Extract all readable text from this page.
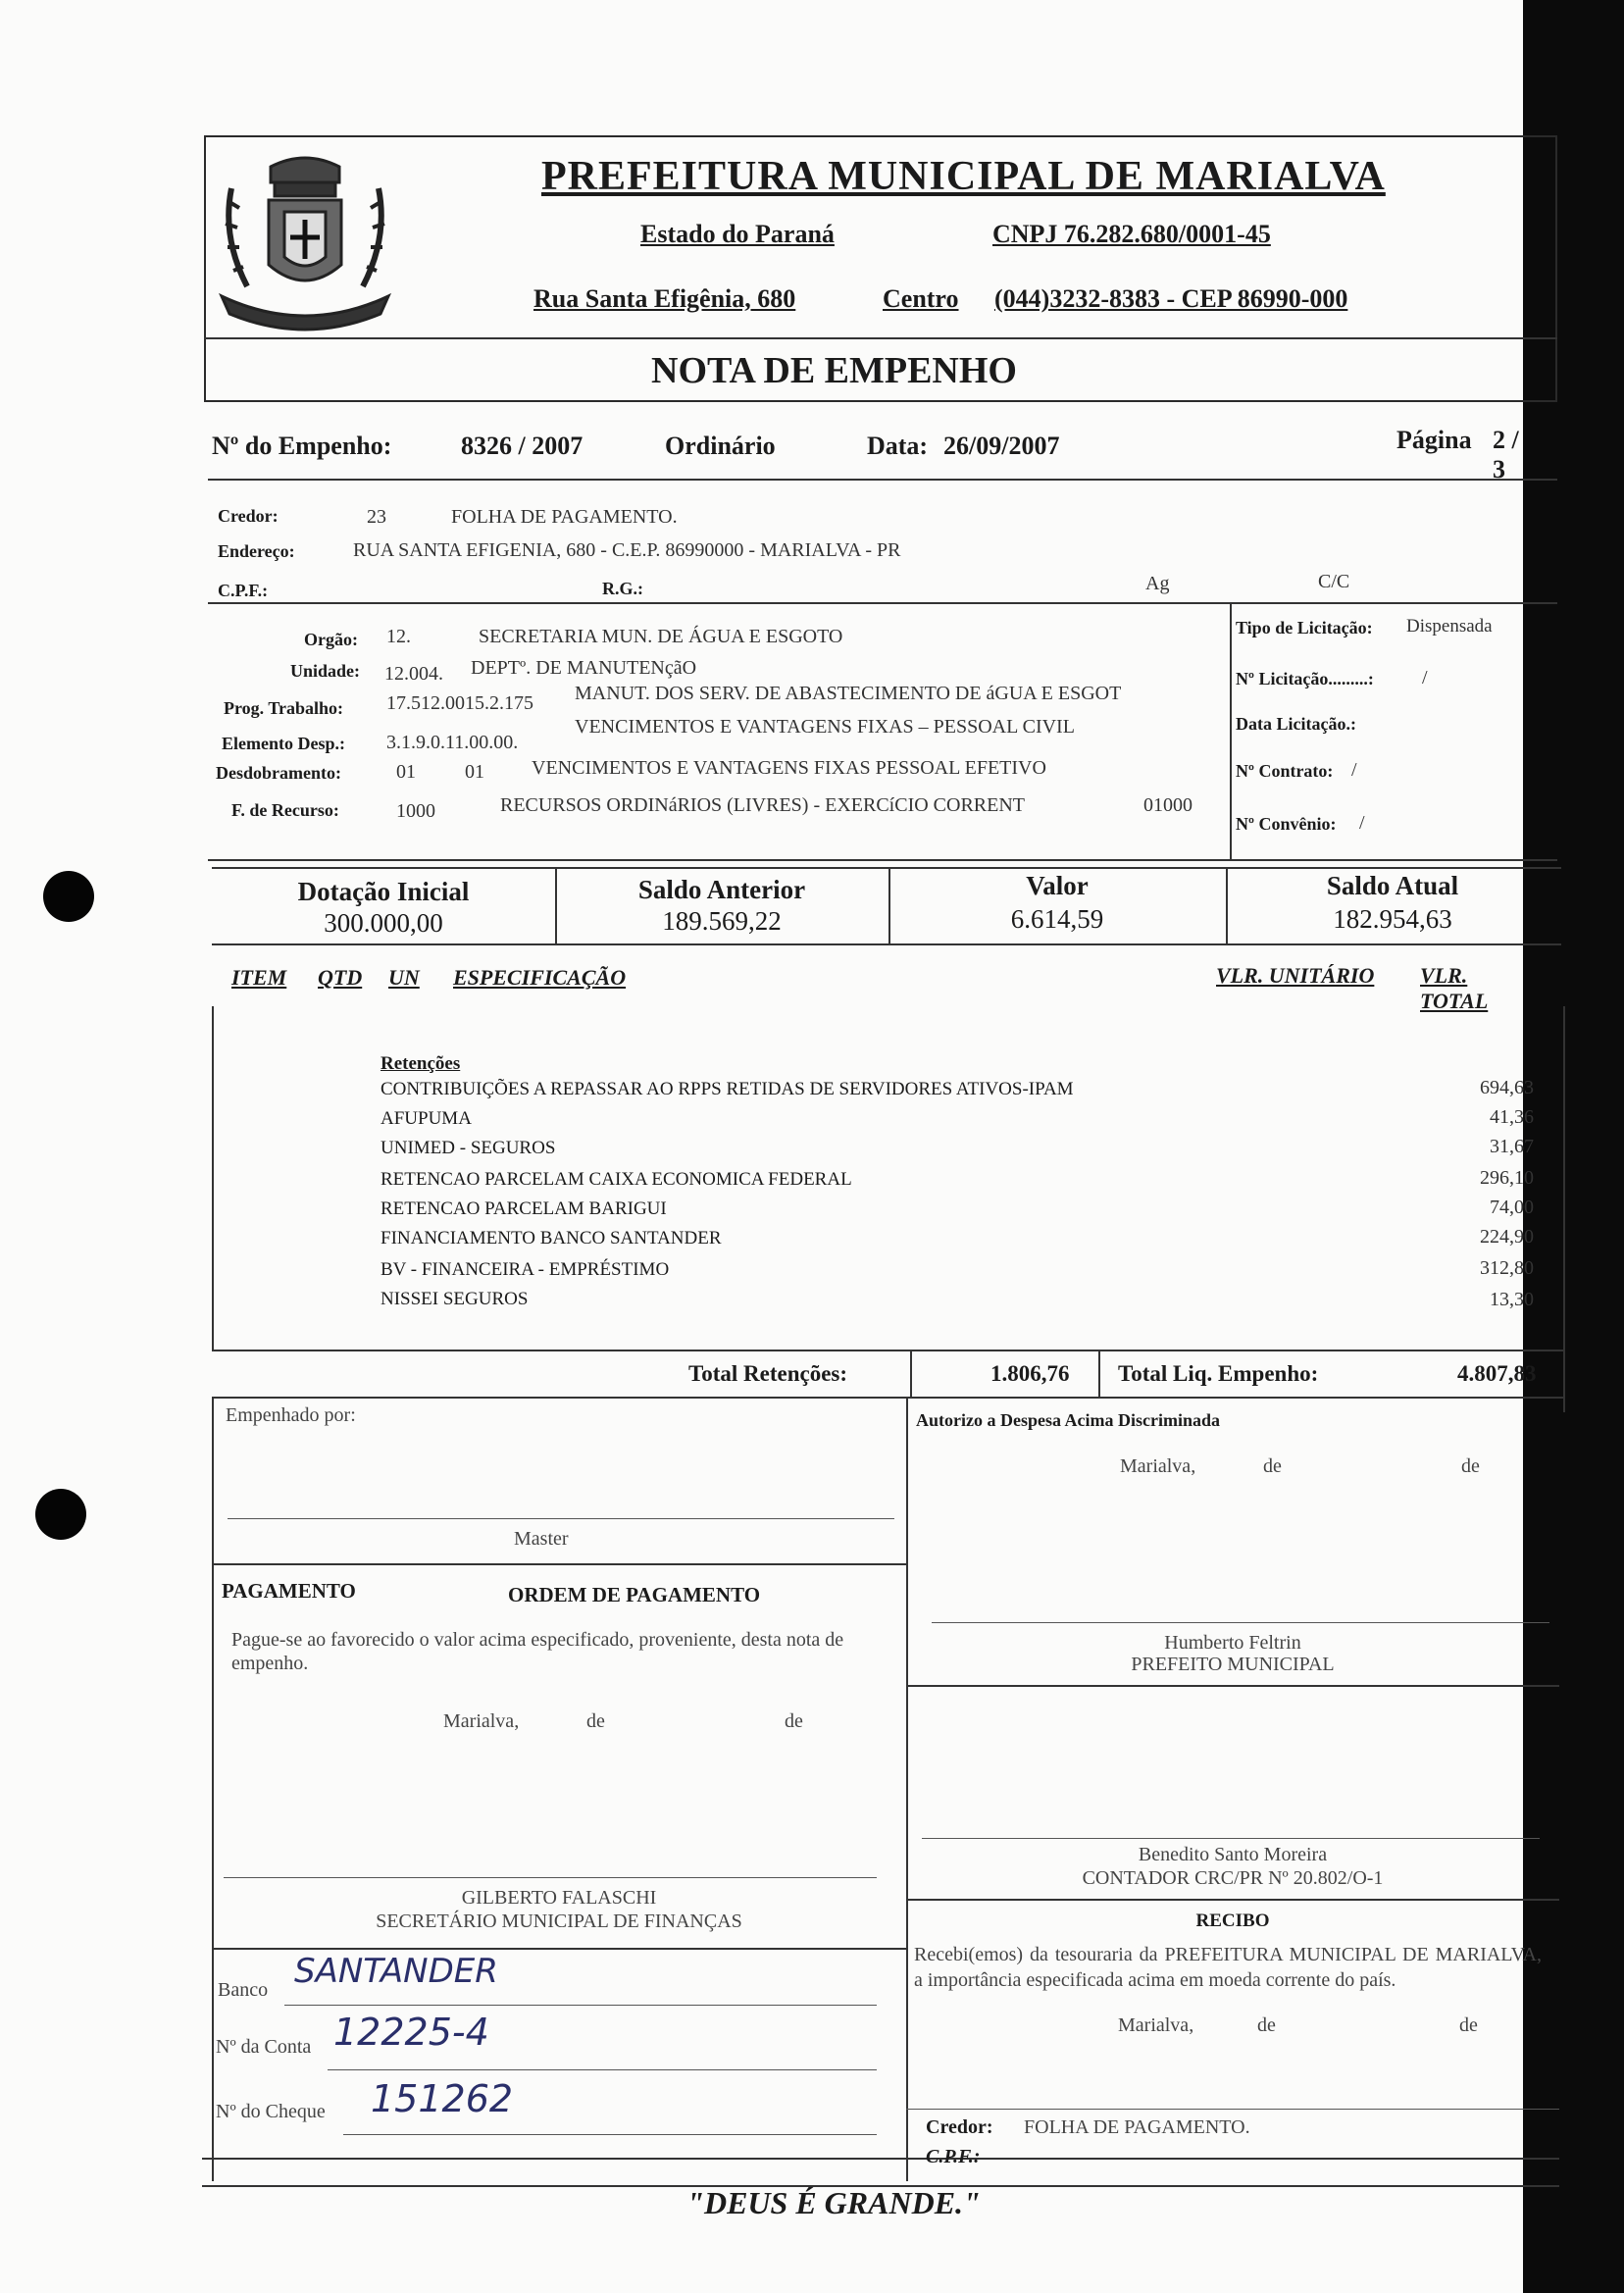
PREFEITURA MUNICIPAL DE MARIALVA
Estado do Paraná	CNPJ 76.282.680/0001-45
Rua Santa Efigênia, 680	Centro (044)3232-8383 - CEP 86990-000
NOTA DE EMPENHO
Nº do Empenho:	8326 / 2007	Ordinário	Data: 26/09/2007	Página 2 / 3
Credor:	23	FOLHA DE PAGAMENTO.
Endereço:	RUA SANTA EFIGENIA, 680 - C.E.P. 86990000 - MARIALVA - PR
C.P.F.:	R.G.:	Ag	C/C
Orgão: 12.	SECRETARIA MUN. DE ÁGUA E ESGOTO
Unidade: 12.004. DEPTº. DE MANUTENçãO
Prog. Trabalho: 17.512.0015.2.175 MANUT. DOS SERV. DE ABASTECIMENTO DE áGUA E ESGOT
Elemento Desp.: 3.1.9.0.11.00.00.
VENCIMENTOS E VANTAGENS FIXAS – PESSOAL CIVIL
Desdobramento:	01	01 VENCIMENTOS E VANTAGENS FIXAS PESSOAL EFETIVO
F. de Recurso:	1000	RECURSOS ORDINáRIOS (LIVRES) - EXERCíCIO CORRENT	01000
Tipo de Licitação: Dispensada
Nº Licitação.........: /
Data Licitação.:
Nº Contrato: /
Nº Convênio: /
Dotação Inicial
300.000,00
Saldo Anterior
189.569,22
Valor
6.614,59
Saldo Atual
182.954,63
ITEM QTD UN ESPECIFICAÇÃO	VLR. UNITÁRIO VLR. TOTAL
Retenções
CONTRIBUIÇÕES A REPASSAR AO RPPS RETIDAS DE SERVIDORES ATIVOS-IPAM	694,63
AFUPUMA	41,36
UNIMED - SEGUROS	31,67
RETENCAO PARCELAM CAIXA ECONOMICA FEDERAL	296,10
RETENCAO PARCELAM BARIGUI	74,00
FINANCIAMENTO BANCO SANTANDER	224,90
BV - FINANCEIRA - EMPRÉSTIMO	312,80
NISSEI SEGUROS	13,30
Total Retenções:	1.806,76 Total Liq. Empenho:	4.807,83
Empenhado por:
Master
Autorizo a Despesa Acima Discriminada
Marialva,	de	de
Humberto Feltrin
PREFEITO MUNICIPAL
PAGAMENTO	ORDEM DE PAGAMENTO
Pague-se ao favorecido o valor acima especificado, proveniente, desta nota de empenho.
Marialva,	de	de
GILBERTO FALASCHI
SECRETÁRIO MUNICIPAL DE FINANÇAS
Benedito Santo Moreira
CONTADOR CRC/PR Nº 20.802/O-1
RECIBO
Recebi(emos) da tesouraria da PREFEITURA MUNICIPAL DE MARIALVA, a importância especificada acima em moeda corrente do país.
Marialva,	de	de
Credor: FOLHA DE PAGAMENTO.
C.P.F.:
Banco SANTANDER
Nº da Conta 12225-4
Nº do Cheque 151262
"DEUS É GRANDE."
